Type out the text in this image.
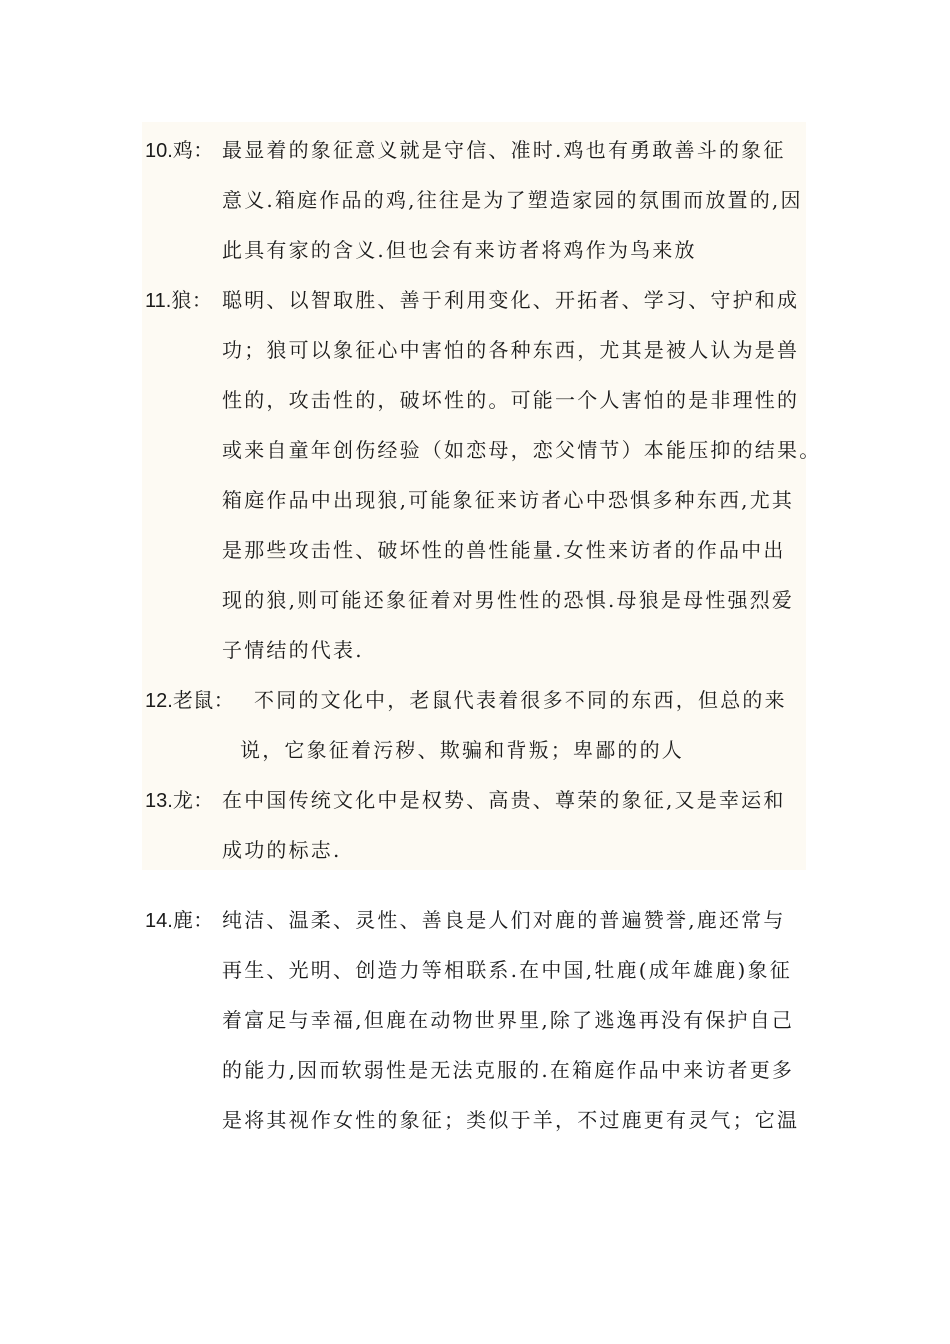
10.鸡： 最显着的象征意义就是守信、准时.鸡也有勇敢善斗的象征
意义.箱庭作品的鸡,往往是为了塑造家园的氛围而放置的,因
此具有家的含义.但也会有来访者将鸡作为鸟来放
11.狼： 聪明、以智取胜、善于利用变化、开拓者、学习、守护和成
功；狼可以象征心中害怕的各种东西，尤其是被人认为是兽
性的，攻击性的，破坏性的。可能一个人害怕的是非理性的
或来自童年创伤经验（如恋母，恋父情节）本能压抑的结果。
箱庭作品中出现狼,可能象征来访者心中恐惧多种东西,尤其
是那些攻击性、破坏性的兽性能量.女性来访者的作品中出
现的狼,则可能还象征着对男性性的恐惧.母狼是母性强烈爱
子情结的代表.
12.老鼠： 不同的文化中，老鼠代表着很多不同的东西，但总的来
说，它象征着污秽、欺骗和背叛；卑鄙的的人
13.龙： 在中国传统文化中是权势、高贵、尊荣的象征,又是幸运和
成功的标志.
14.鹿： 纯洁、温柔、灵性、善良是人们对鹿的普遍赞誉,鹿还常与
再生、光明、创造力等相联系.在中国,牡鹿(成年雄鹿)象征
着富足与幸福,但鹿在动物世界里,除了逃逸再没有保护自己
的能力,因而软弱性是无法克服的.在箱庭作品中来访者更多
是将其视作女性的象征；类似于羊，不过鹿更有灵气；它温
